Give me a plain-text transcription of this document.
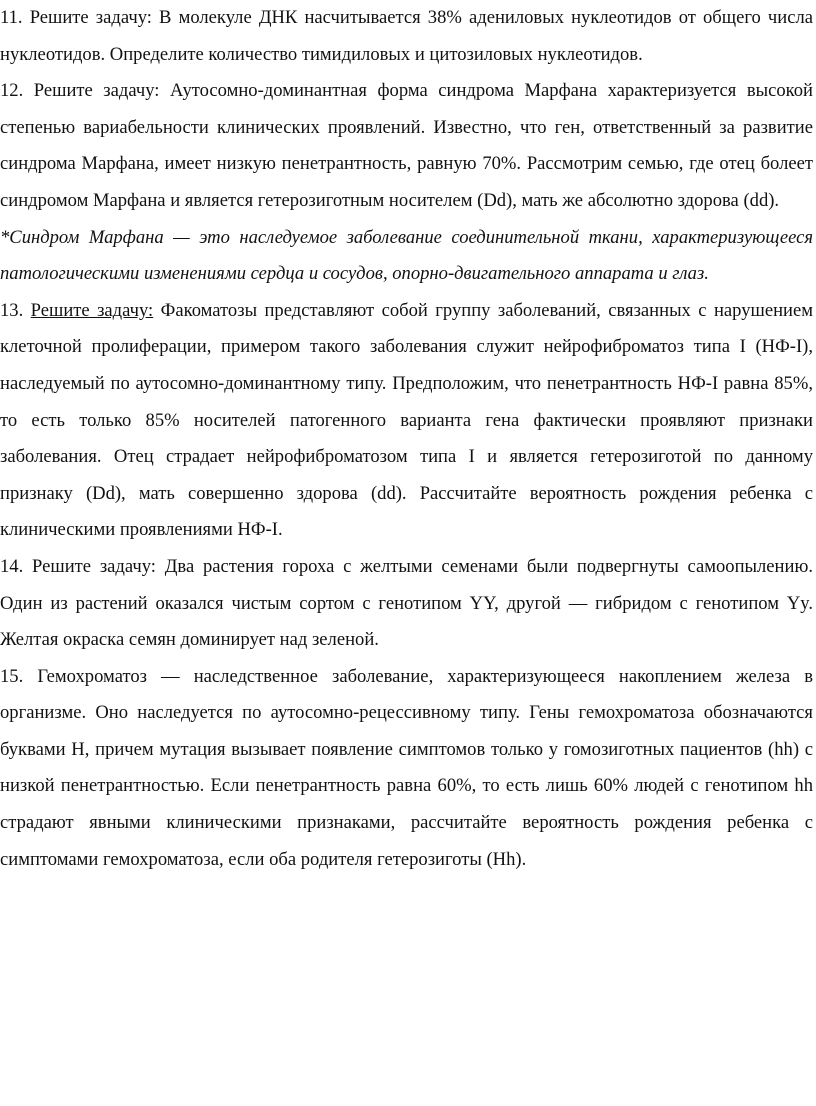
11. Решите задачу: В молекуле ДНК насчитывается 38% адениловых нуклеотидов от общего числа нуклеотидов. Определите количество тимидиловых и цитозиловых нуклеотидов.

12. Решите задачу: Аутосомно-доминантная форма синдрома Марфана характеризуется высокой степенью вариабельности клинических проявлений. Известно, что ген, ответственный за развитие синдрома Марфана, имеет низкую пенетрантность, равную 70%. Рассмотрим семью, где отец болеет синдромом Марфана и является гетерозиготным носителем (Dd), мать же абсолютно здорова (dd).

*Синдром Марфана — это наследуемое заболевание соединительной ткани, характеризующееся патологическими изменениями сердца и сосудов, опорно-двигательного аппарата и глаз.

13. Решите задачу: Факоматозы представляют собой группу заболеваний, связанных с нарушением клеточной пролиферации, примером такого заболевания служит нейрофиброматоз типа I (НФ-I), наследуемый по аутосомно-доминантному типу. Предположим, что пенетрантность НФ-I равна 85%, то есть только 85% носителей патогенного варианта гена фактически проявляют признаки заболевания. Отец страдает нейрофиброматозом типа I и является гетерозиготой по данному признаку (Dd), мать совершенно здорова (dd). Рассчитайте вероятность рождения ребенка с клиническими проявлениями НФ-I.

14. Решите задачу: Два растения гороха с желтыми семенами были подвергнуты самоопылению. Один из растений оказался чистым сортом с генотипом YY, другой — гибридом с генотипом Yy. Желтая окраска семян доминирует над зеленой.

15. Гемохроматоз — наследственное заболевание, характеризующееся накоплением железа в организме. Оно наследуется по аутосомно-рецессивному типу. Гены гемохроматоза обозначаются буквами H, причем мутация вызывает появление симптомов только у гомозиготных пациентов (hh) с низкой пенетрантностью. Если пенетрантность равна 60%, то есть лишь 60% людей с генотипом hh страдают явными клиническими признаками, рассчитайте вероятность рождения ребенка с симптомами гемохроматоза, если оба родителя гетерозиготы (Hh).
